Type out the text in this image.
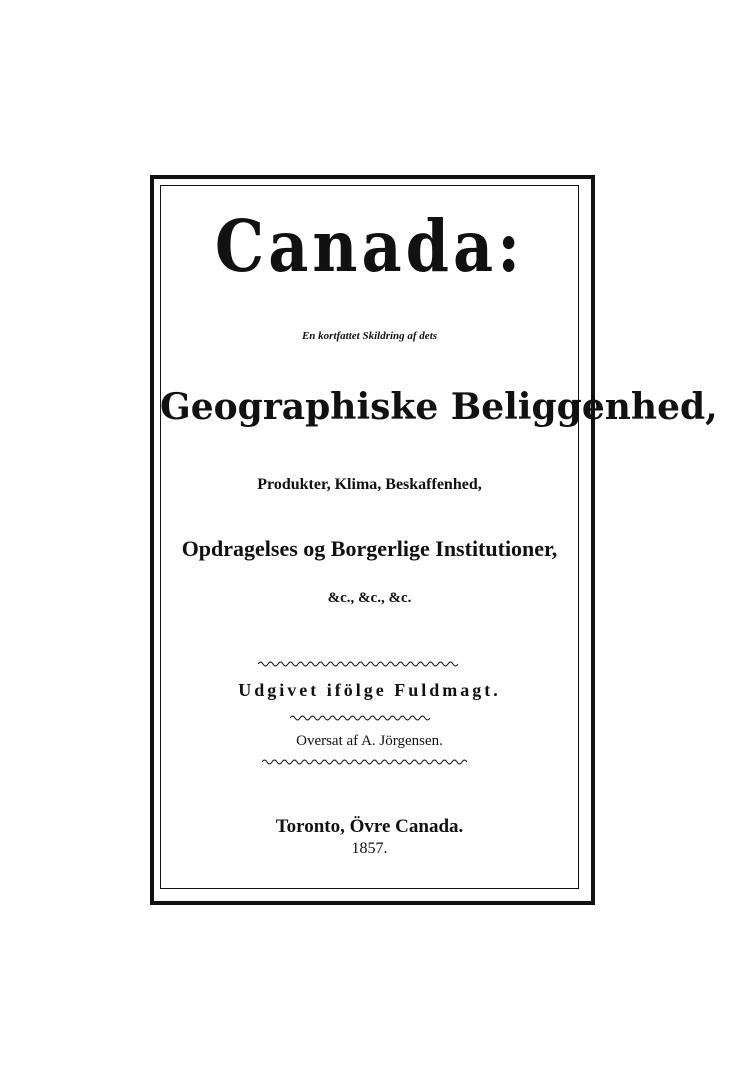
Canada:
En kortfattet Skildring af dets
Geographiske Beliggenhed,
Produkter, Klima, Beskaffenhed,
Opdragelses og Borgerlige Institutioner,
&c., &c., &c.
Udgivet ifölge Fuldmagt.
Oversat af A. Jörgensen.
Toronto, Övre Canada.
1857.
